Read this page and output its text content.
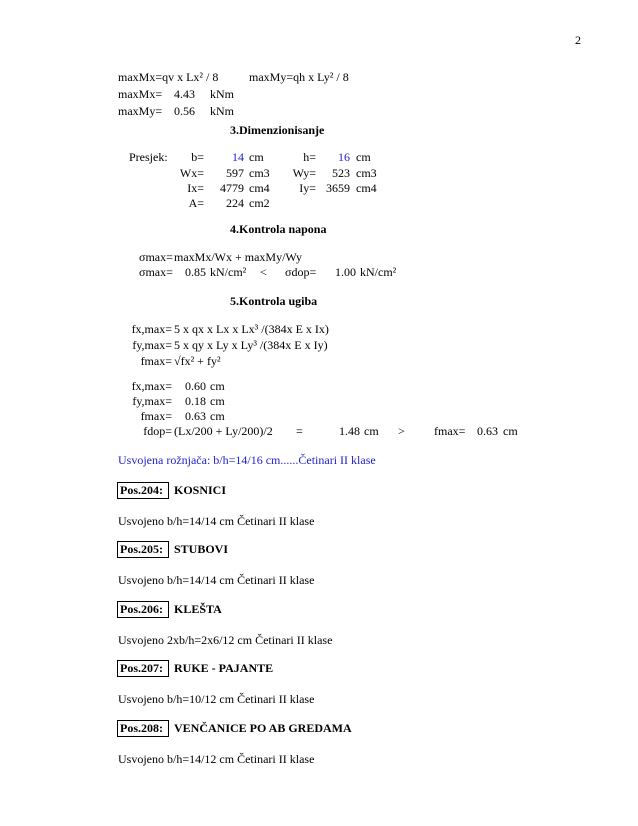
2
maxMx=qv x Lx² / 8	maxMy=qh x Ly² / 8
maxMx= 4.43 kNm
maxMy= 0.56 kNm
3.Dimenzionisanje
Presjek:	b=	14 cm	h=	16 cm
Wx=	597 cm3 Wy=	523 cm3
Ix=	4779 cm4	Iy= 3659 cm4
A=	224 cm2
4.Kontrola napona
σmax= maxMx/Wx + maxMy/Wy
σmax=	0.85 kN/cm² < σdop=	1.00 kN/cm²
5.Kontrola ugiba
fx,max= 5 x qx x Lx x Lx³ /(384x E x Ix)
fy,max= 5 x qy x Ly x Ly³ /(384x E x Iy)
fmax= √fx² + fy²
fx,max=	0.60 cm
fy,max=	0.18 cm
fmax=	0.63 cm
fdop= (Lx/200 + Ly/200)/2 =	1.48 cm > fmax= 0.63 cm
Usvojena rožnjača: b/h=14/16 cm......Četinari II klase
Pos.204: KOSNICI
Usvojeno b/h=14/14 cm Četinari II klase
Pos.205: STUBOVI
Usvojeno b/h=14/14 cm Četinari II klase
Pos.206: KLEŠTA
Usvojeno 2xb/h=2x6/12 cm Četinari II klase
Pos.207: RUKE - PAJANTE
Usvojeno b/h=10/12 cm Četinari II klase
Pos.208: VENČANICE PO AB GREDAMA
Usvojeno b/h=14/12 cm Četinari II klase
